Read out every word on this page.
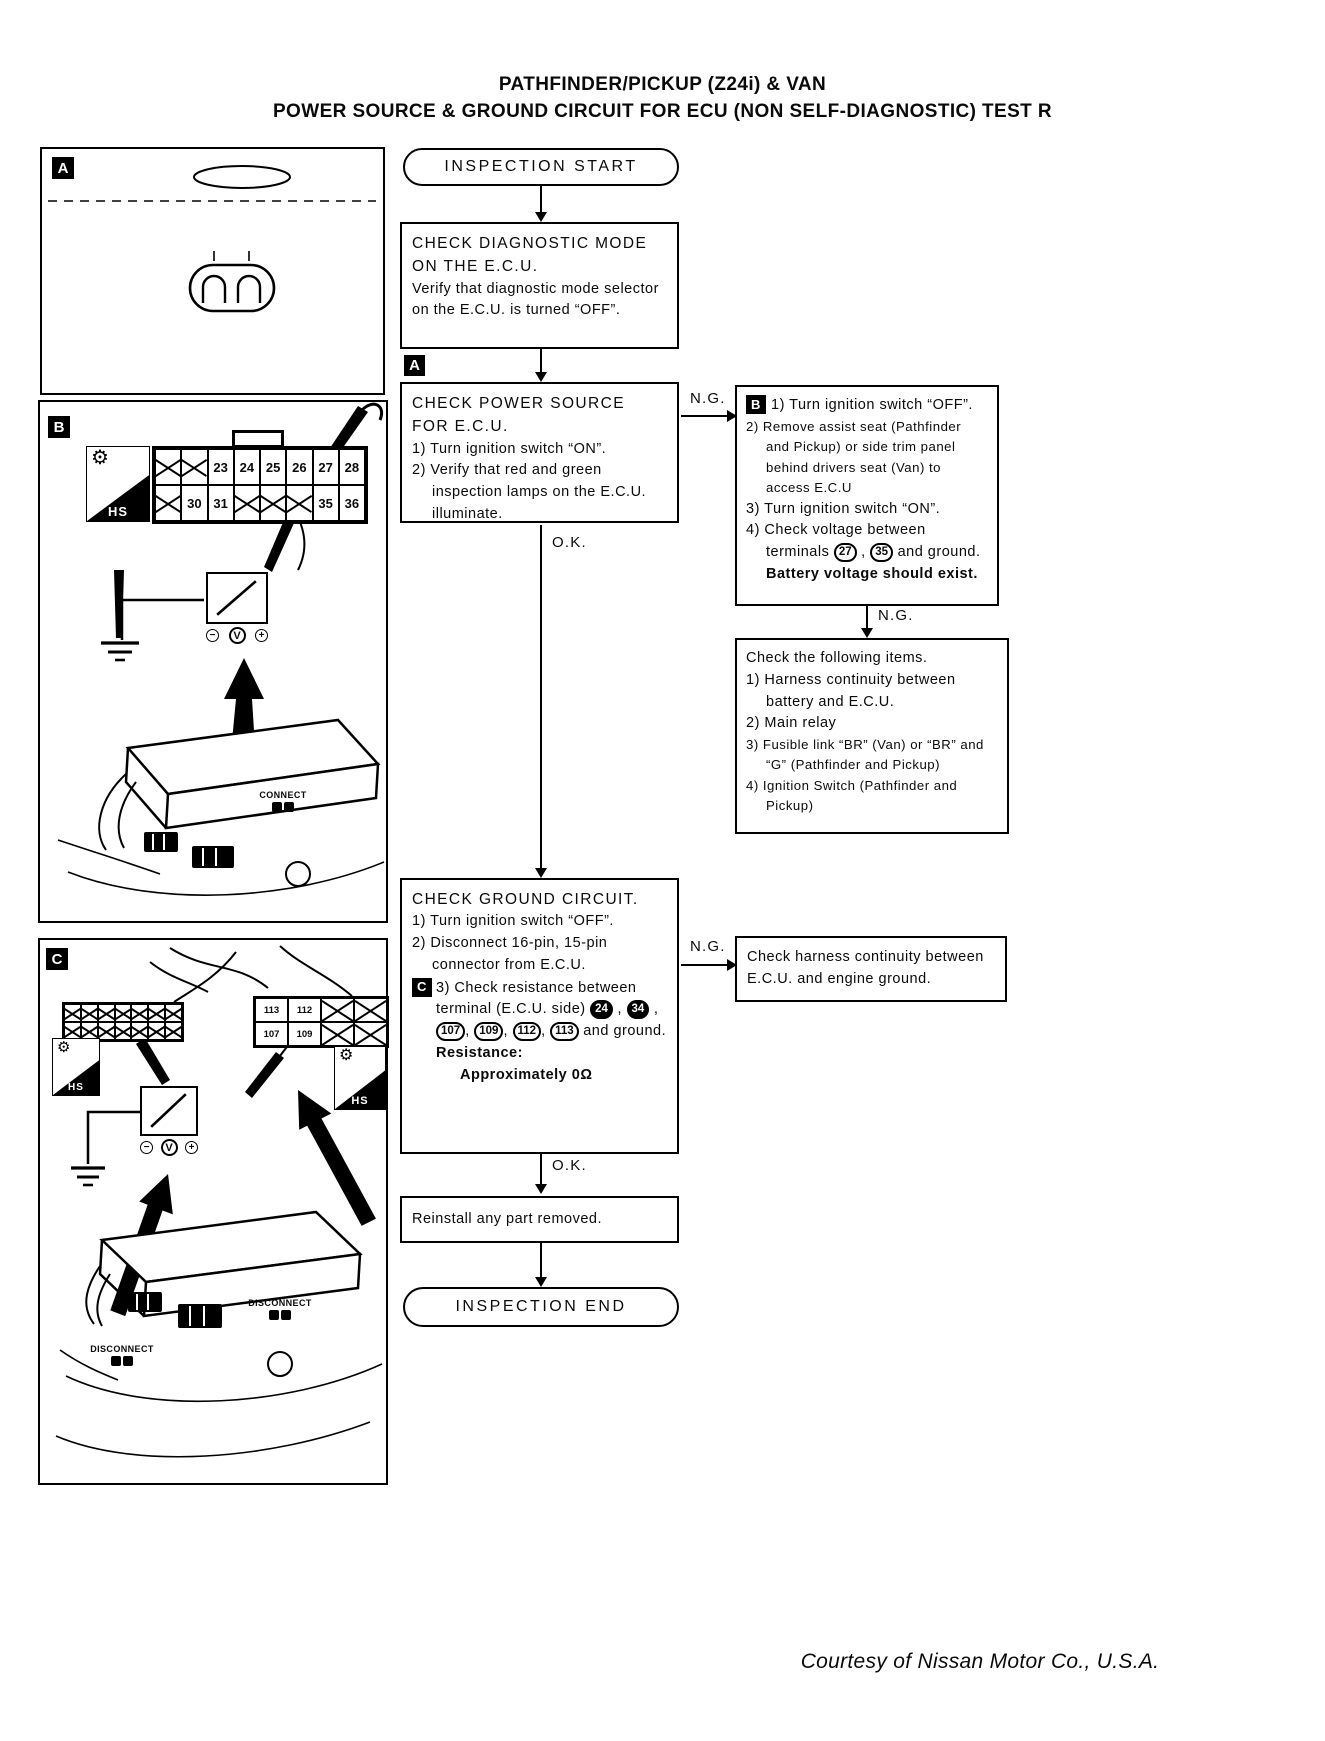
PATHFINDER/PICKUP (Z24i) & VAN
POWER SOURCE & GROUND CIRCUIT FOR ECU (NON SELF-DIAGNOSTIC) TEST R
A
B
⚙
HS
23 24 25 26 27 28
30 31	35 36
−	V	+
CONNECT
C
113	112
107	109
⚙
HS
⚙
HS
−	V	+
DISCONNECT
DISCONNECT
INSPECTION START
CHECK DIAGNOSTIC MODE ON THE E.C.U.
Verify that diagnostic mode selector on the E.C.U. is turned “OFF”.
A
CHECK POWER SOURCE FOR E.C.U.
1) Turn ignition switch “ON”.
2) Verify that red and green inspection lamps on the E.C.U. illuminate.
N.G.	B 1) Turn ignition switch “OFF”.
2) Remove assist seat (Pathfinder and Pickup) or side trim panel behind drivers seat (Van) to access E.C.U
3) Turn ignition switch “ON”.
4) Check voltage between terminals 27 , 35 and ground.
Battery voltage should exist.
N.G.
Check the following items.
1) Harness continuity between battery and E.C.U.
2) Main relay
3) Fusible link “BR” (Van) or “BR” and “G” (Pathfinder and Pickup)
4) Ignition Switch (Pathfinder and Pickup)
O.K.
CHECK GROUND CIRCUIT.
1) Turn ignition switch “OFF”.
2) Disconnect 16-pin, 15-pin connector from E.C.U.
C 3) Check resistance between terminal (E.C.U. side) 24 , 34 , 107 , 109 , 112 , 113 and ground.
Resistance:
Approximately 0Ω
N.G.
Check harness continuity between E.C.U. and engine ground.
O.K.
Reinstall any part removed.
INSPECTION END
Courtesy of Nissan Motor Co., U.S.A.
